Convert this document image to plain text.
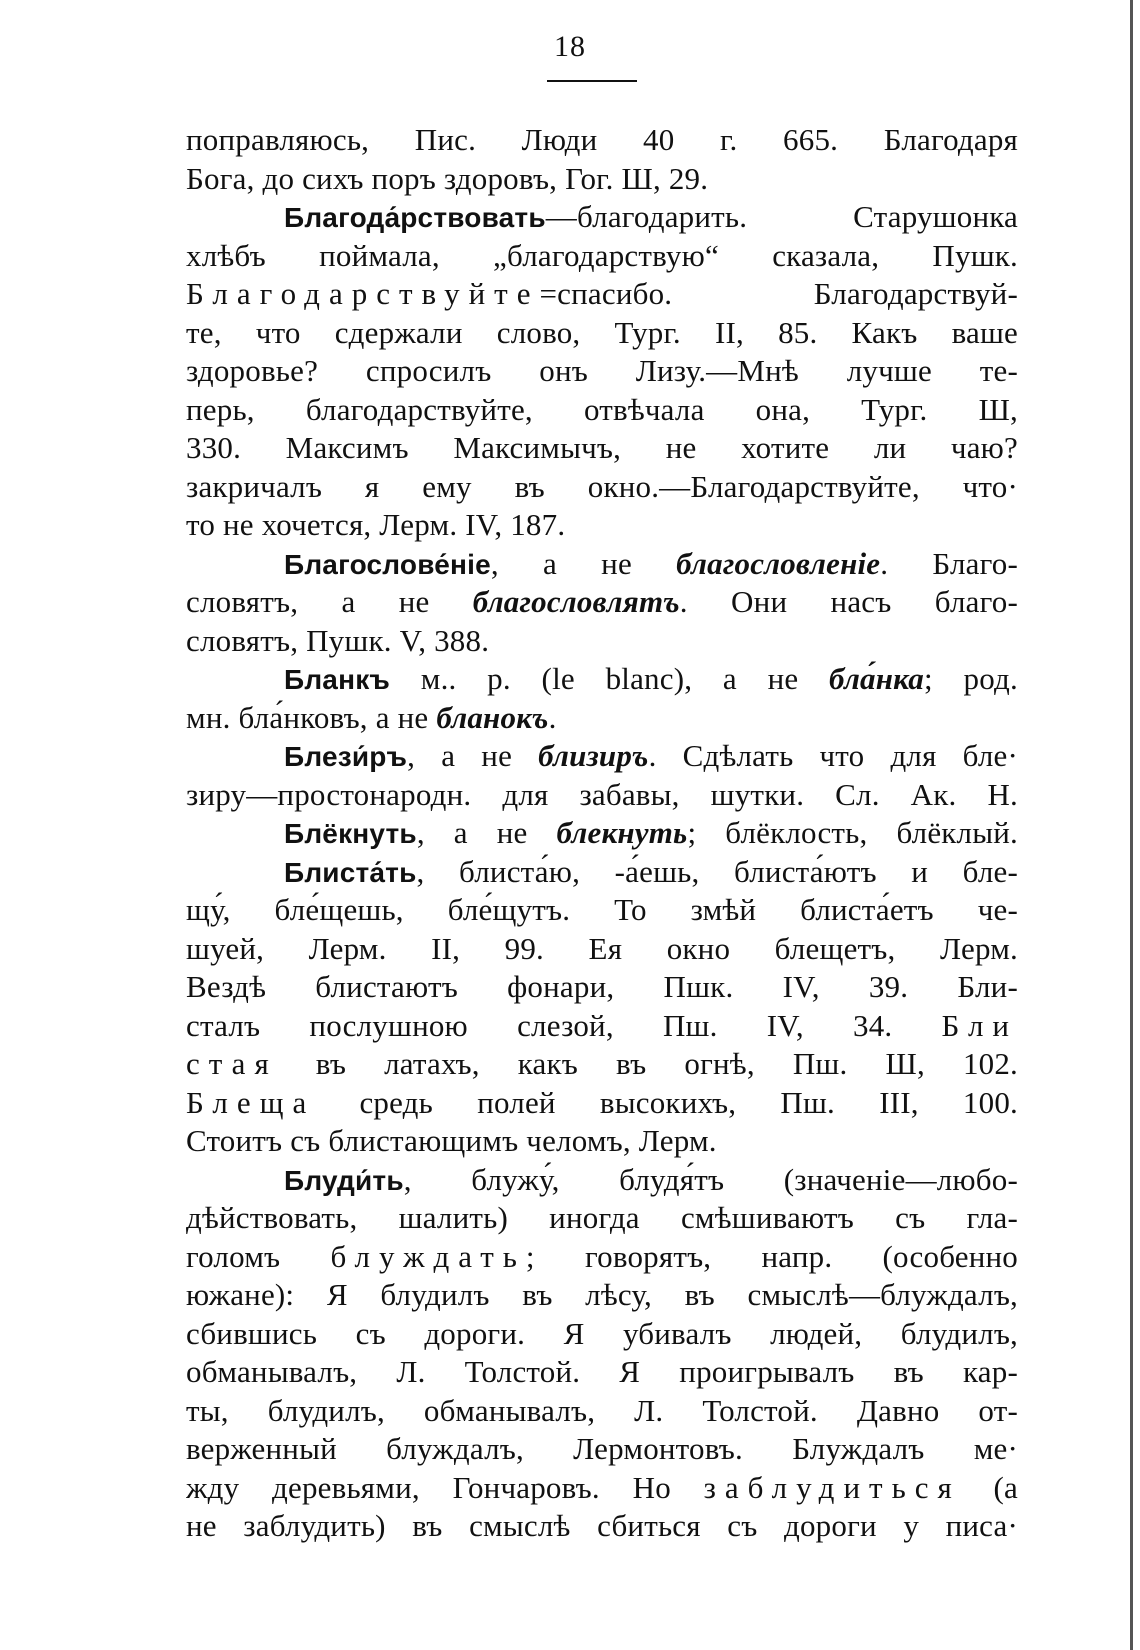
18
поправляюсь, Пис. Люди 40 г. 665. Благодаря
Бога, до сихъ поръ здоровъ, Гог. Ш, 29.
Благода́рствовать—благодарить. Старушонка
хлѣбъ поймала, „благодарствую“ сказала, Пушк.
Благодарствуйте=спасибо. Благодарствуй-
те, что сдержали слово, Тург. II, 85. Какъ ваше
здоровье? спросилъ онъ Лизу.—Мнѣ лучше те-
перь, благодарствуйте, отвѣчала она, Тург. Ш,
330. Максимъ Максимычъ, не хотите ли чаю?
закричалъ я ему въ окно.—Благодарствуйте, что·
то не хочется, Лерм. IV, 187.
Благослове́ніе, а не благословленіе. Благо-
словятъ, а не благословлятъ. Они насъ благо-
словятъ, Пушк. V, 388.
Бланкъ м.. р. (le blanc), а не бла́нка; род.
мн. бла́нковъ, а не бланокъ.
Блези́ръ, а не близиръ. Сдѣлать что для бле·
зиру—простонародн. для забавы, шутки. Сл. Ак. Н.
Блёкнуть, а не блекнуть; блёклость, блёклый.
Блиста́ть, блиста́ю, -а́ешь, блиста́ютъ и бле-
щу́, бле́щешь, бле́щутъ. То змѣй блиста́етъ че-
шуей, Лерм. II, 99. Ея окно блещетъ, Лерм.
Вездѣ блистаютъ фонари, Пшк. IV, 39. Бли-
сталъ послушною слезой, Пш. IV, 34. Бли
стая въ латахъ, какъ въ огнѣ, Пш. Ш, 102.
Блеща средь полей высокихъ, Пш. III, 100.
Стоитъ съ блистающимъ челомъ, Лерм.
Блуди́ть, блужу́, блудя́тъ (значеніе—любо-
дѣйствовать, шалить) иногда смѣшиваютъ съ гла-
голомъ блуждать; говорятъ, напр. (особенно
южане): Я блудилъ въ лѣсу, въ смыслѣ—блуждалъ,
сбившись съ дороги. Я убивалъ людей, блудилъ,
обманывалъ, Л. Толстой. Я проигрывалъ въ кар-
ты, блудилъ, обманывалъ, Л. Толстой. Давно от-
верженный блуждалъ, Лермонтовъ. Блуждалъ ме·
жду деревьями, Гончаровъ. Но заблудиться (а
не заблудить) въ смыслѣ сбиться съ дороги у писа·
